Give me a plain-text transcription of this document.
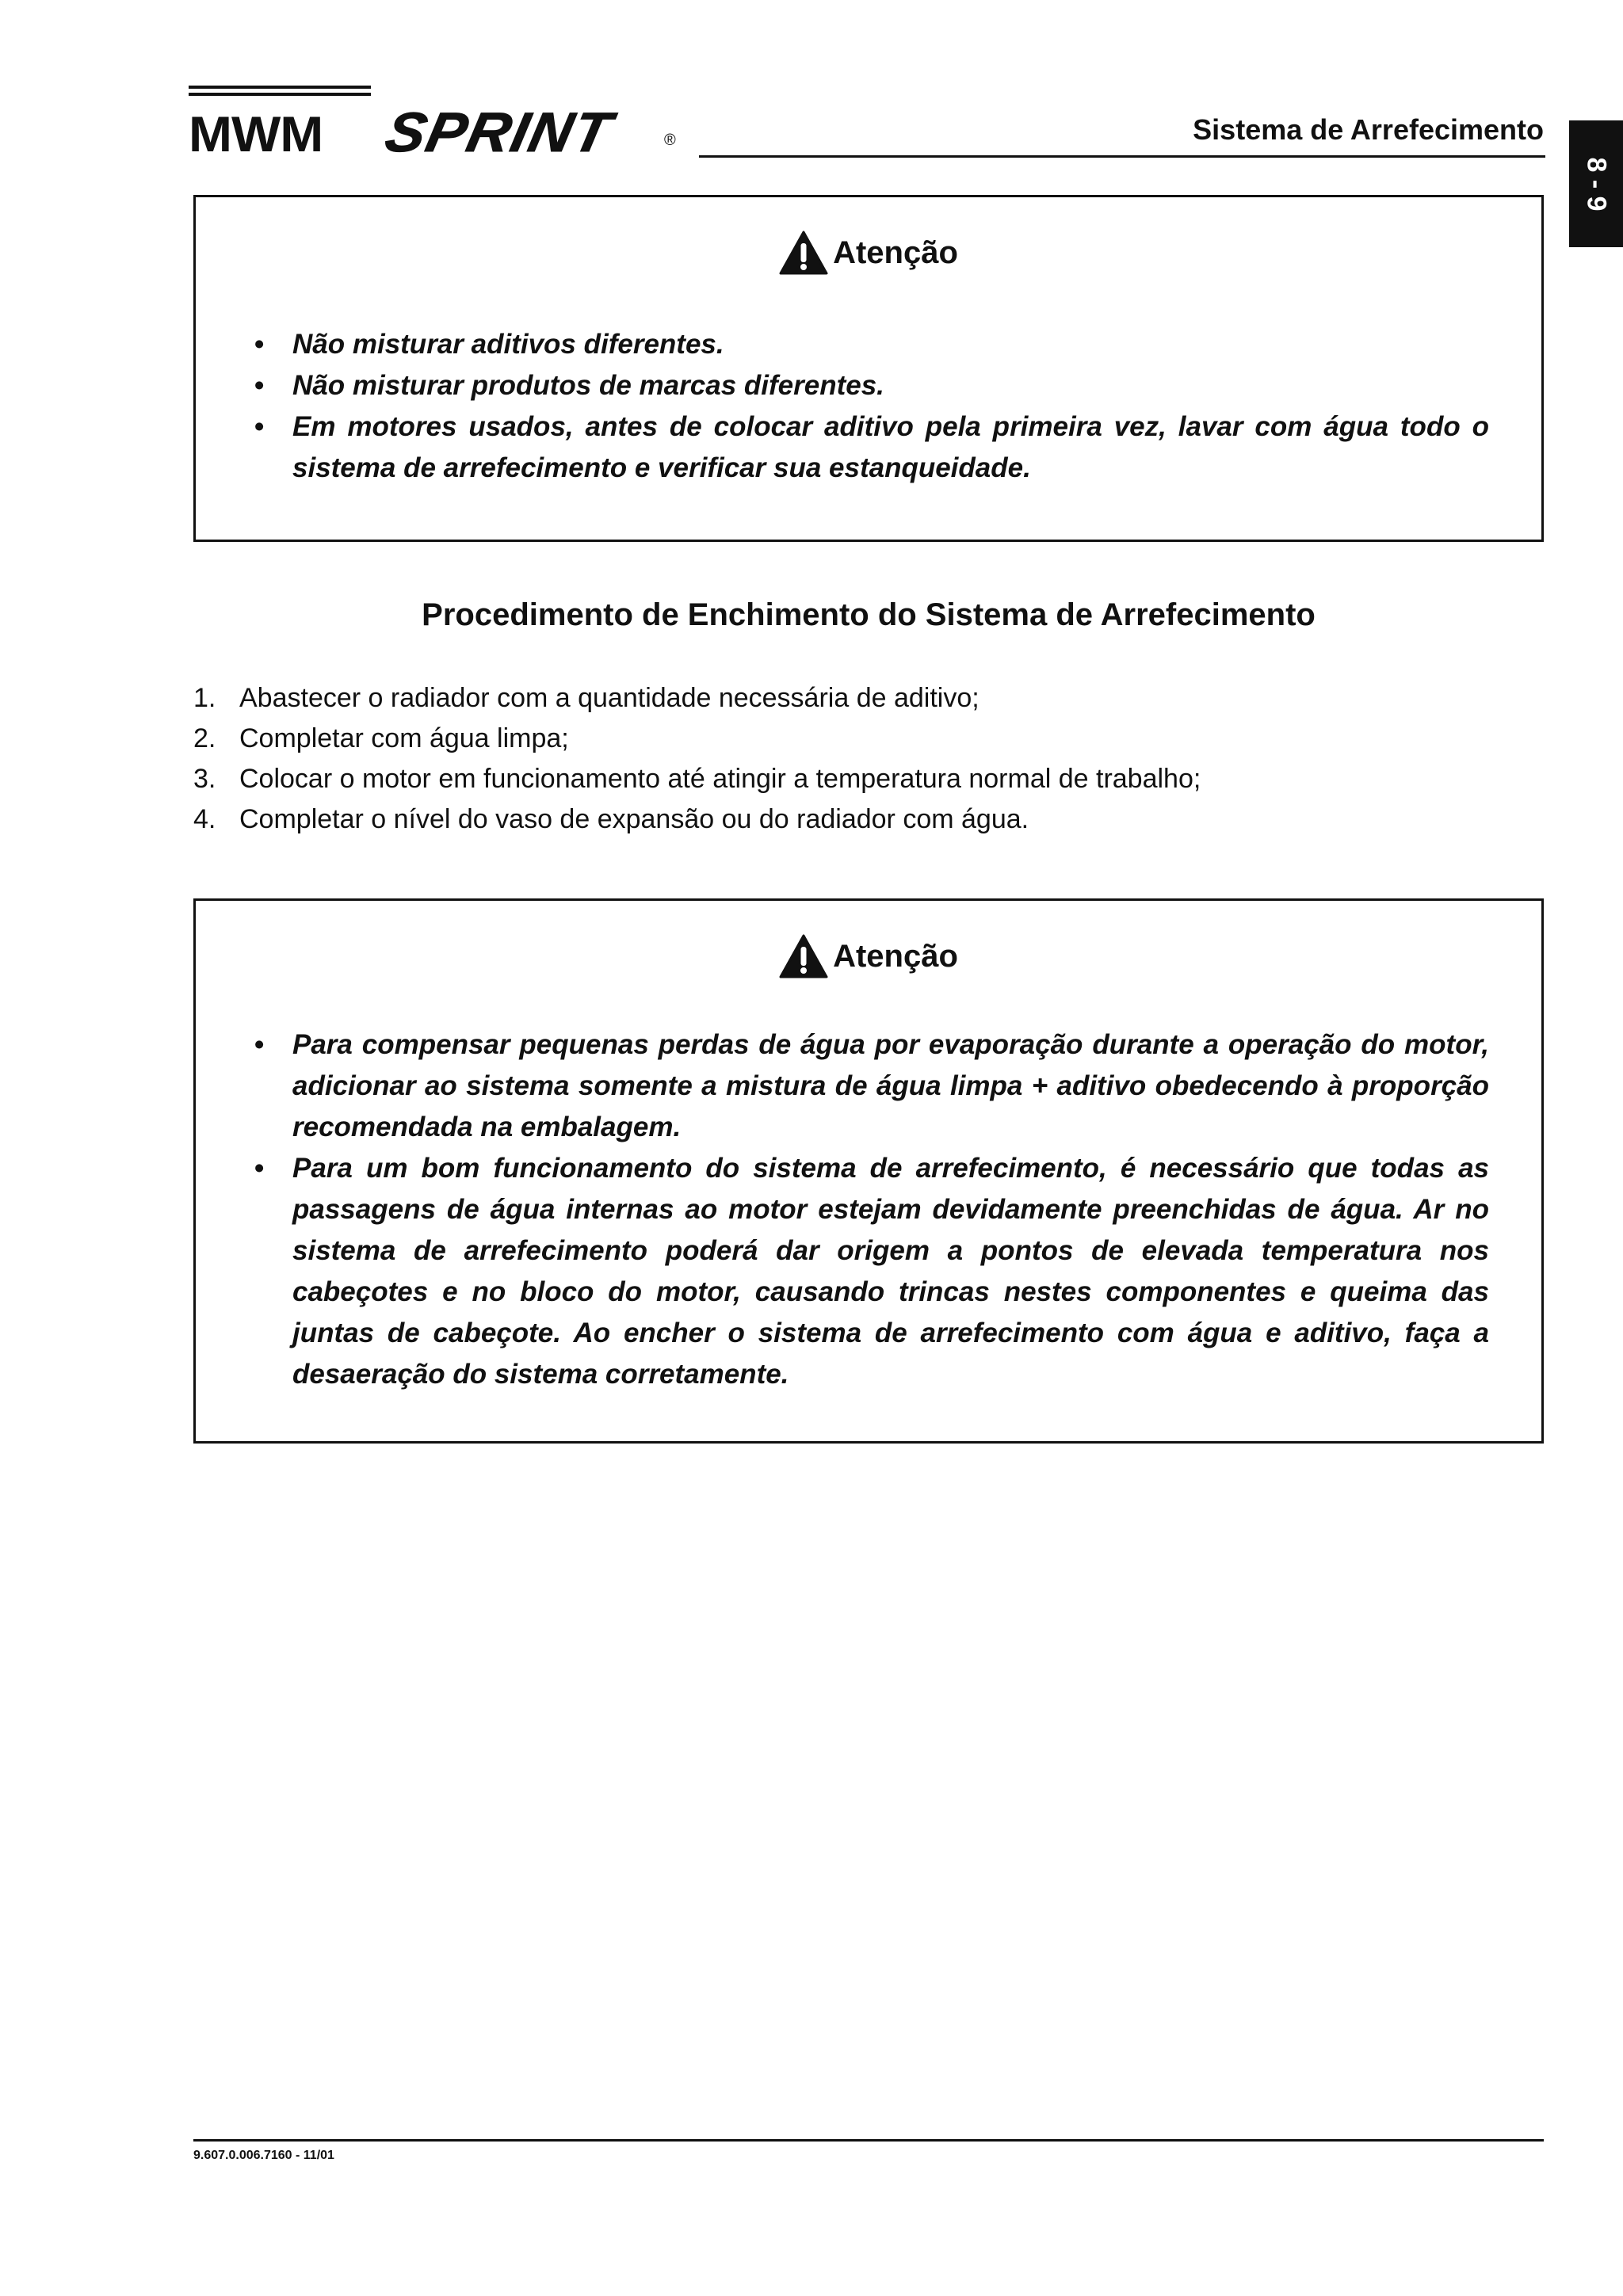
MWM SPRINT	®	Sistema de Arrefecimento
8 - 9
Atenção
• Não misturar aditivos diferentes.
• Não misturar produtos de marcas diferentes.
• Em motores usados, antes de colocar aditivo pela primeira vez, lavar com água todo o sistema de arrefecimento e verificar sua estanqueidade.
Procedimento de Enchimento do Sistema de Arrefecimento
1. Abastecer o radiador com a quantidade necessária de aditivo;
2. Completar com água limpa;
3. Colocar o motor em funcionamento até atingir a temperatura normal de trabalho;
4. Completar o nível do vaso de expansão ou do radiador com água.
Atenção
• Para compensar pequenas perdas de água por evaporação durante a operação do motor, adicionar ao sistema somente a mistura de água limpa + aditivo obedecendo à proporção recomendada na embalagem.
• Para um bom funcionamento do sistema de arrefecimento, é necessário que todas as passagens de água internas ao motor estejam devidamente preenchidas de água. Ar no sistema de arrefecimento poderá dar origem a pontos de elevada temperatura nos cabeçotes e no bloco do motor, causando trincas nestes componentes e queima das juntas de cabeçote. Ao encher o sistema de arrefecimento com água e aditivo, faça a desaeração do sistema corretamente.
9.607.0.006.7160 - 11/01
